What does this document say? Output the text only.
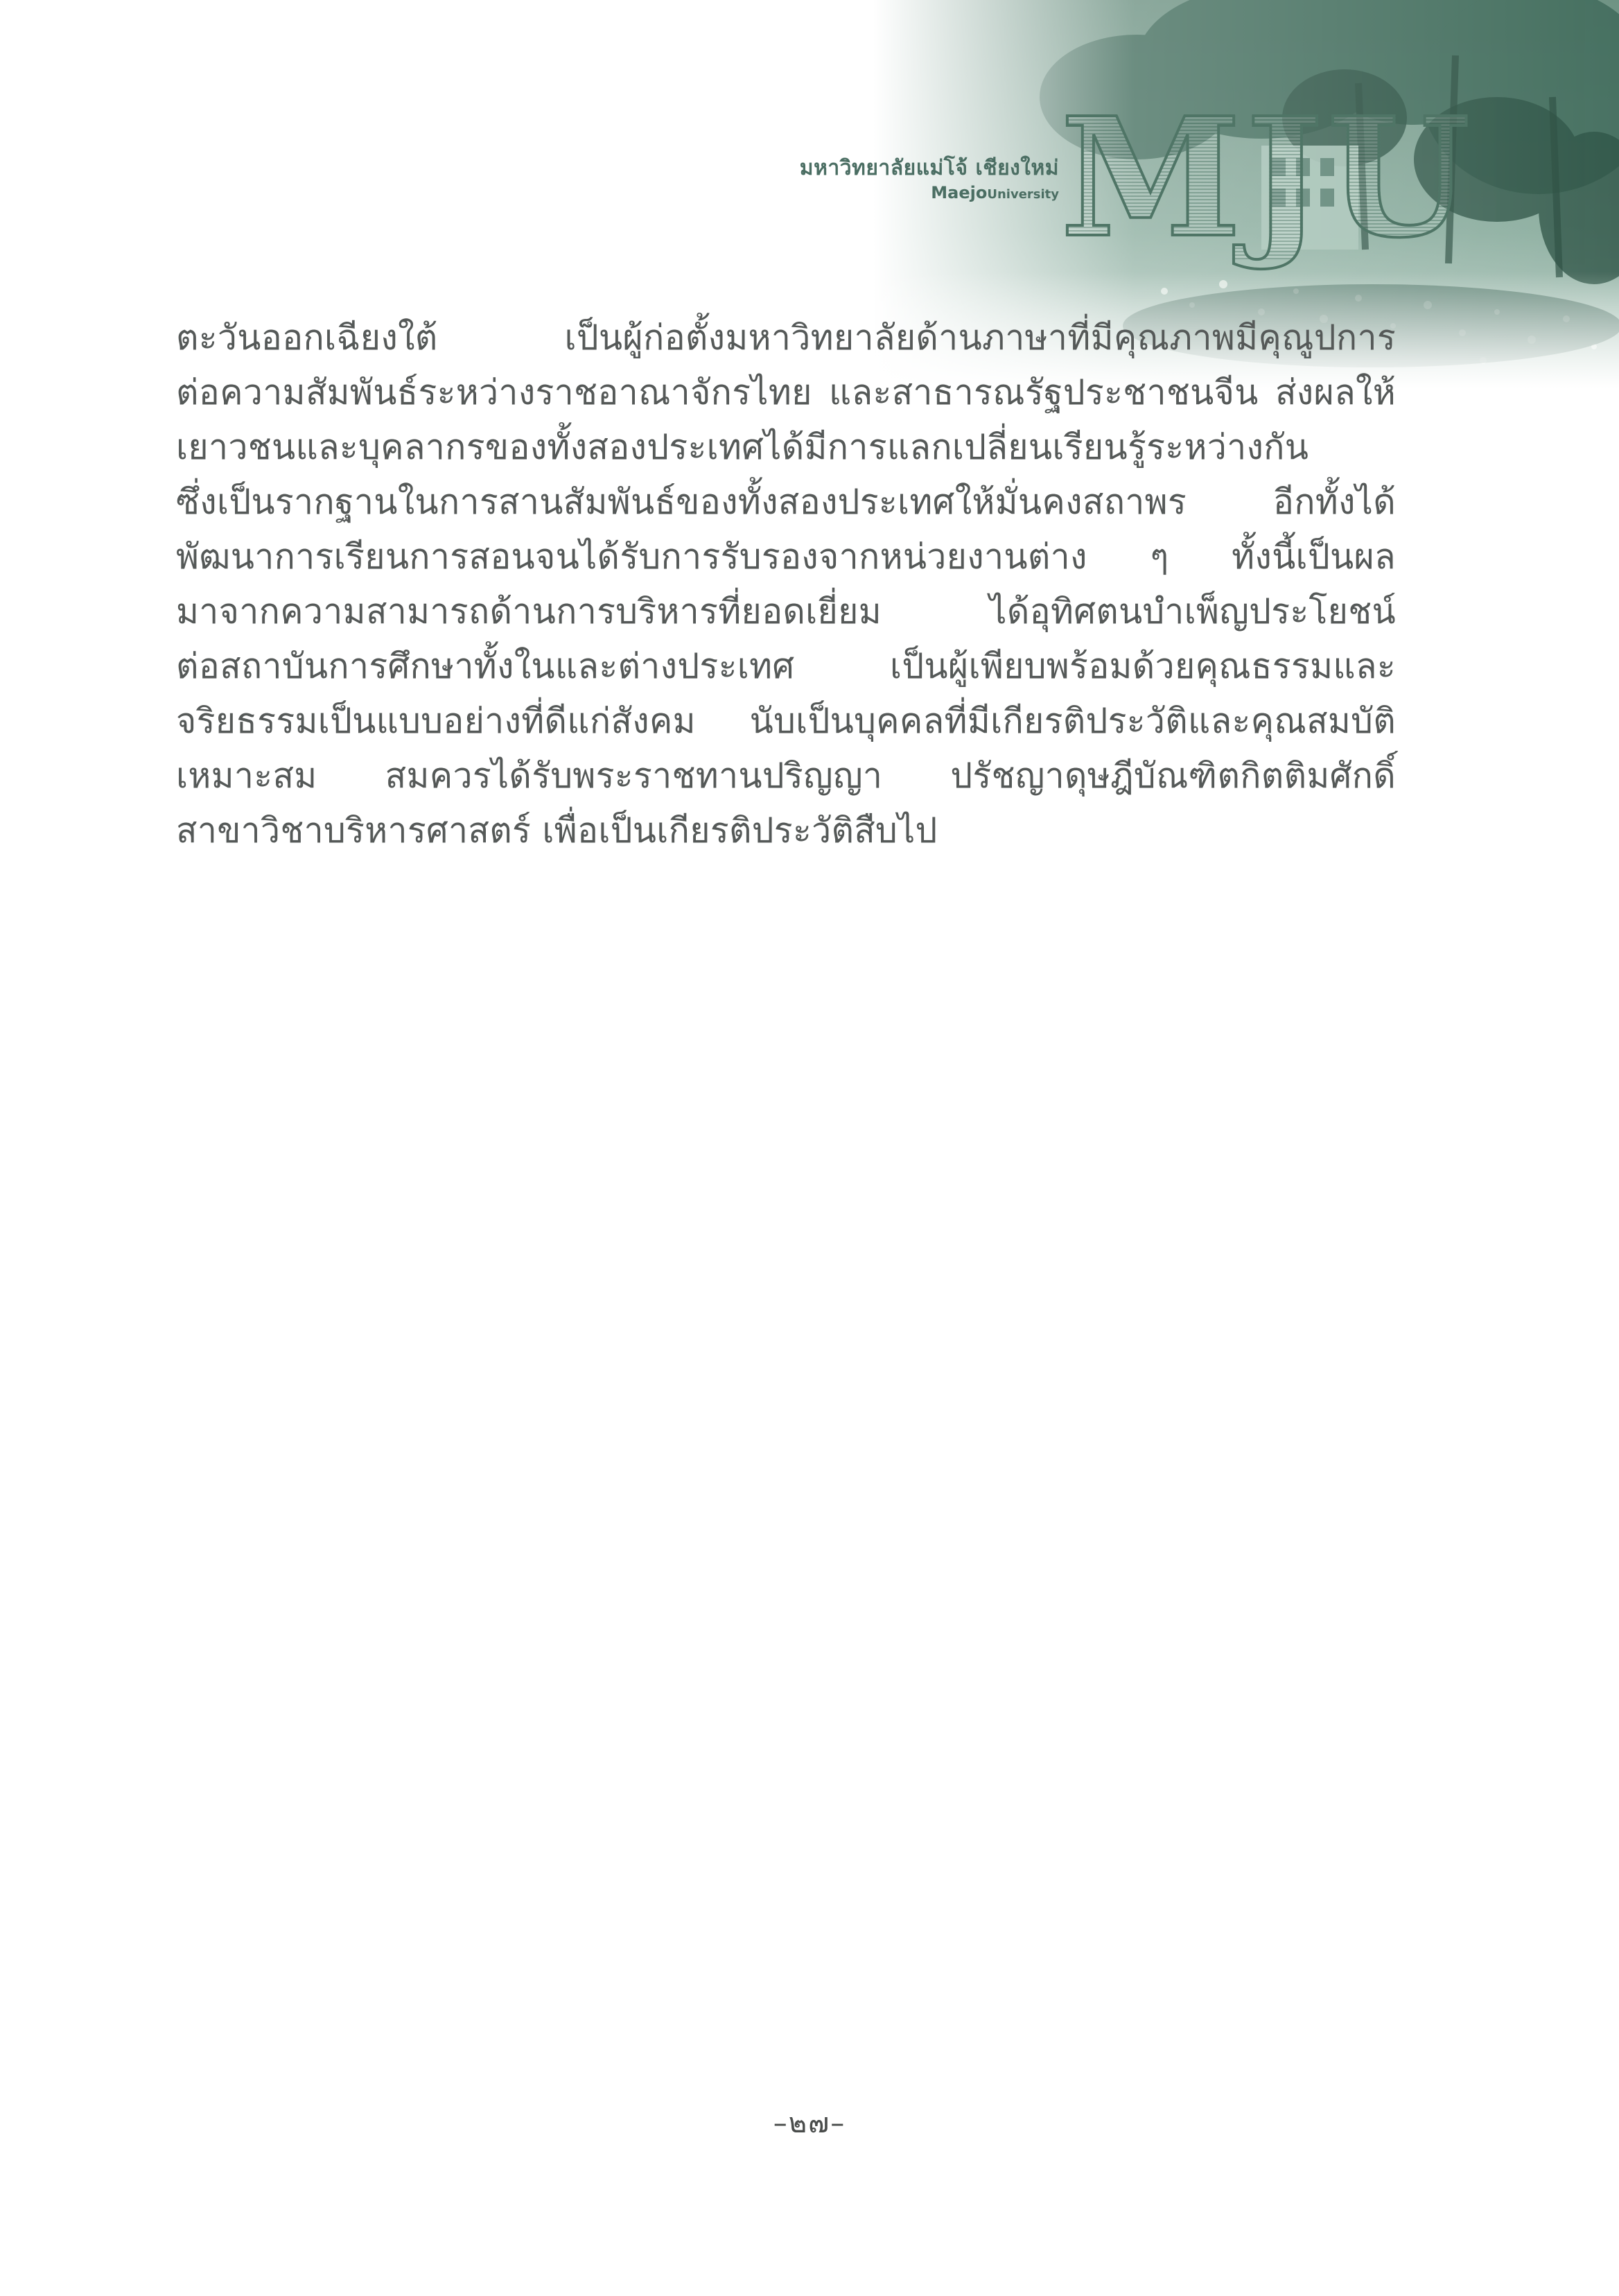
มหาวิทยาลัยแม่โจ้ เชียงใหม่
MaejoUniversity MJU
ตะวันออกเฉียงใต้ เป็นผู้ก่อตั้งมหาวิทยาลัยด้านภาษาที่มีคุณภาพมีคุณูปการ
ต่อความสัมพันธ์ระหว่างราชอาณาจักรไทย และสาธารณรัฐประชาชนจีน ส่งผลให้
เยาวชนและบุคลากรของทั้งสองประเทศได้มีการแลกเปลี่ยนเรียนรู้ระหว่างกัน
ซึ่งเป็นรากฐานในการสานสัมพันธ์ของทั้งสองประเทศให้มั่นคงสถาพร อีกทั้งได้
พัฒนาการเรียนการสอนจนได้รับการรับรองจากหน่วยงานต่าง ๆ ทั้งนี้เป็นผล
มาจากความสามารถด้านการบริหารที่ยอดเยี่ยม ได้อุทิศตนบำเพ็ญประโยชน์
ต่อสถาบันการศึกษาทั้งในและต่างประเทศ เป็นผู้เพียบพร้อมด้วยคุณธรรมและ
จริยธรรมเป็นแบบอย่างที่ดีแก่สังคม นับเป็นบุคคลที่มีเกียรติประวัติและคุณสมบัติ
เหมาะสม สมควรได้รับพระราชทานปริญญา ปรัชญาดุษฎีบัณฑิตกิตติมศักดิ์
สาขาวิชาบริหารศาสตร์ เพื่อเป็นเกียรติประวัติสืบไป
–๒๗–
